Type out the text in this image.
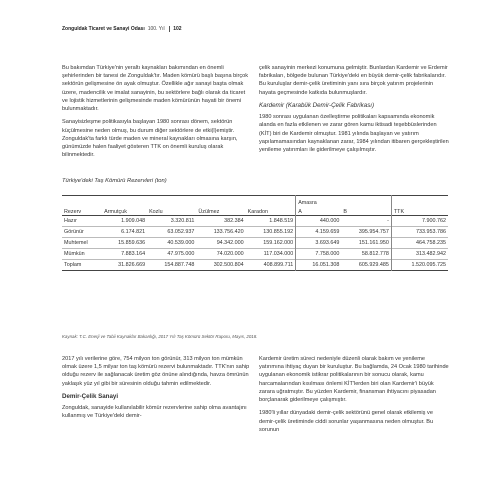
Zonguldak Ticaret ve Sanayi Odası 100. Yıl 102

Bu bakımdan Türkiye'nin yeraltı kaynakları bakımından en önemli şehirlerinden bir tanesi de Zonguldak'tır. Maden kömürü başlı başına birçok sektörün gelişmesine ön ayak olmuştur. Özellikle ağır sanayi başta olmak üzere, madencilik ve imalat sanayinin, bu sektörlere bağlı olarak da ticaret ve lojistik hizmetlerinin gelişmesinde maden kömürünün hayati bir önemi bulunmaktadır.

Sanayisizleşme politikasıyla başlayan 1980 sonrası dönem, sektörün küçülmesine neden olmuş, bu durum diğer sektörlere de etki(l)emiştir. Zonguldak'ta farklı türde maden ve mineral kaynakları olmasına karşın, günümüzde halen faaliyet gösteren TTK on önemli kuruluş olarak bilinmektedir.

çelik sanayinin merkezi konumuna gelmiştir. Bunlardan Kardemir ve Erdemir fabrikaları, bölgede bulunan Türkiye'deki en büyük demir-çelik fabrikalarıdır. Bu kuruluşlar demir-çelik üretiminin yanı sıra birçok yatırım projelerinin hayata geçmesinde katkıda bulunmuşlardır.

Kardemir (Karabük Demir-Çelik Fabrikası)

1980 sonrası uygulanan özelleştirme politikaları kapsamında ekonomik alanda en fazla etkilenen ve zarar gören kamu iktisadi teşebbüslerinden (KİT) biri de Kardemir olmuştur. 1981 yılında başlayan ve yatırım yapılamamasından kaynaklanan zarar, 1984 yılından itibaren gerçekleştirilen yenileme yatırımları ile giderilmeye çalışılmıştır.

Türkiye'deki Taş Kömürü Rezervleri (ton)
Rezerv	Armutçuk	Kozlu	Üzülmez	Karadon	Amasra		TTK
					A	B	
Hazır	1.909.048	3.320.811	382.384	1.848.519	440.000	-	7.900.762
Görünür	6.174.821	63.052.937	133.756.420	130.855.192	4.159.659	395.954.757	733.953.786
Muhtemel	15.859.636	40.539.000	94.342.000	159.162.000	3.693.649	151.161.950	464.758.235
Mümkün	7.883.164	47.975.000	74.020.000	117.034.000	7.758.000	58.812.778	313.482.942
Toplam	31.826.669	154.887.748	302.500.804	408.899.711	16.051.308	605.929.485	1.520.095.725
Kaynak: T.C. Enerji ve Tabii Kaynaklar Bakanlığı, 2017 Yılı Taş Kömürü Sektör Raporu, Mayıs, 2018.

2017 yılı verilerine göre, 754 milyon ton görünür, 313 milyon ton mümkün olmak üzere 1,5 milyar ton taş kömürü rezervi bulunmaktadır. TTK'nın sahip olduğu rezerv ile sağlanacak üretim göz önüne alındığında, havza ömrünün yaklaşık yüz yıl gibi bir süresinin olduğu tahmin edilmektedir.

Demir-Çelik Sanayi

Zonguldak, sanayide kullanılabilir kömür rezervlerine sahip olma avantajını kullanmış ve Türkiye'deki demir-

Kardemir üretim süreci nedeniyle düzenli olarak bakım ve yenileme yatırımına ihtiyaç duyan bir kuruluştur. Bu bağlamda, 24 Ocak 1980 tarihinde uygulanan ekonomik istikrar politikalarının bir sonucu olarak, kamu harcamalarından kısılması önlemi KİT'lerden biri olan Kardemir'i büyük zarara uğratmıştır. Bu yüzden Kardemir, finansman ihtiyacını piyasadan borçlanarak giderilmeye çalışmıştır.

1980'li yıllar dünyadaki demir-çelik sektörünü genel olarak etkilemiş ve demir-çelik üretiminde ciddi sorunlar yaşanmasına neden olmuştur. Bu sorunun
